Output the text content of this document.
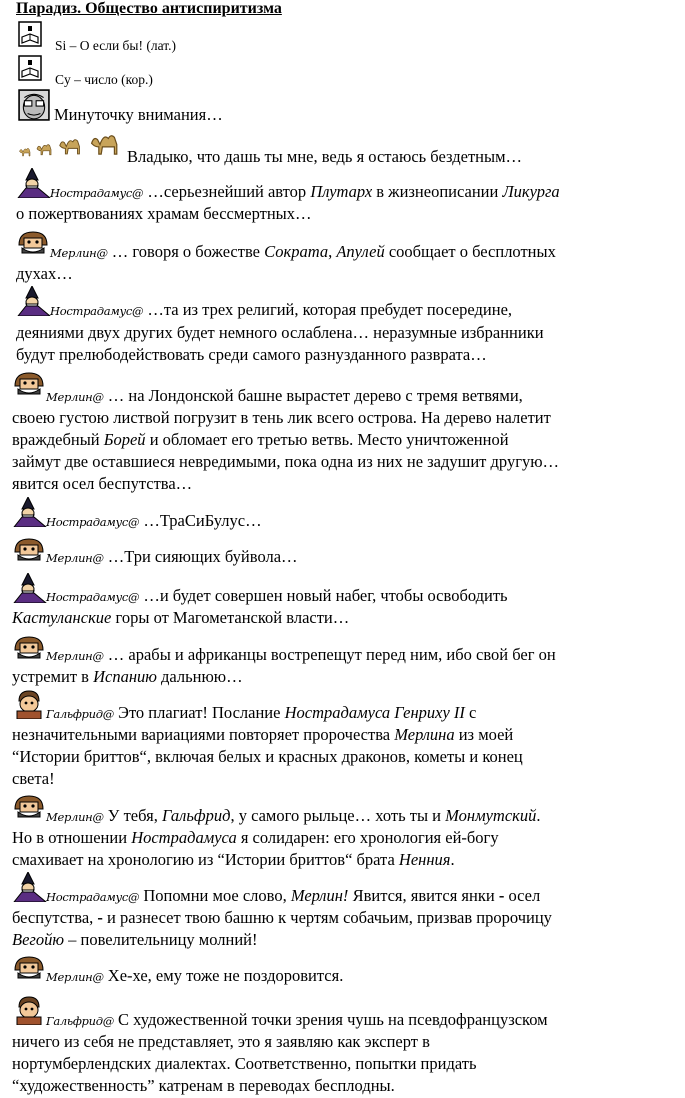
Парадиз. Общество антиспиритизма
Si – О если бы! (лат.)
Cy – число (кор.)
Минуточку внимания…
Владыко, что дашь ты мне, ведь я остаюсь бездетным…
Нострадамус@ …серьезнейший автор Плутарх в жизнеописании Ликурга
о пожертвованиях храмам бессмертных…
Мерлин@ … говоря о божестве Сократа, Апулей сообщает о бесплотных
духах…
Нострадамус@ …та из трех религий, которая пребудет посередине,
деяниями двух других будет немного ослаблена… неразумные избранники
будут прелюбодействовать среди самого разнузданного разврата…
Мерлин@ … на Лондонской башне вырастет дерево с тремя ветвями,
своею густою листвой погрузит в тень лик всего острова. На дерево налетит
враждебный Борей и обломает его третью ветвь. Место уничтоженной
займут две оставшиеся невредимыми, пока одна из них не задушит другую…
явится осел беспутства…
Нострадамус@ …ТраСиБулус…
Мерлин@ …Три сияющих буйвола…
Нострадамус@ …и будет совершен новый набег, чтобы освободить
Кастуланские горы от Магометанской власти…
Мерлин@ … арабы и африканцы вострепещут перед ним, ибо свой бег он
устремит в Испанию дальнюю…
Гальфрид@ Это плагиат! Послание Нострадамуса Генриху II с
незначительными вариациями повторяет пророчества Мерлина из моей
“Истории бриттов“, включая белых и красных драконов, кометы и конец
света!
Мерлин@ У тебя, Гальфрид, у самого рыльце… хоть ты и Монмутский.
Но в отношении Нострадамуса я солидарен: его хронология ей-богу
смахивает на хронологию из “Истории бриттов“ брата Ненния.
Нострадамус@ Попомни мое слово, Мерлин! Явится, явится янки - осел
беспутства, - и разнесет твою башню к чертям собачьим, призвав пророчицу
Вегойю – повелительницу молний!
Мерлин@ Хе-хе, ему тоже не поздоровится.
Гальфрид@ С художественной точки зрения чушь на псевдофранцузском
ничего из себя не представляет, это я заявляю как эксперт в
нортумберлендских диалектах. Соответственно, попытки придать
“художественность” катренам в переводах бесплодны.
